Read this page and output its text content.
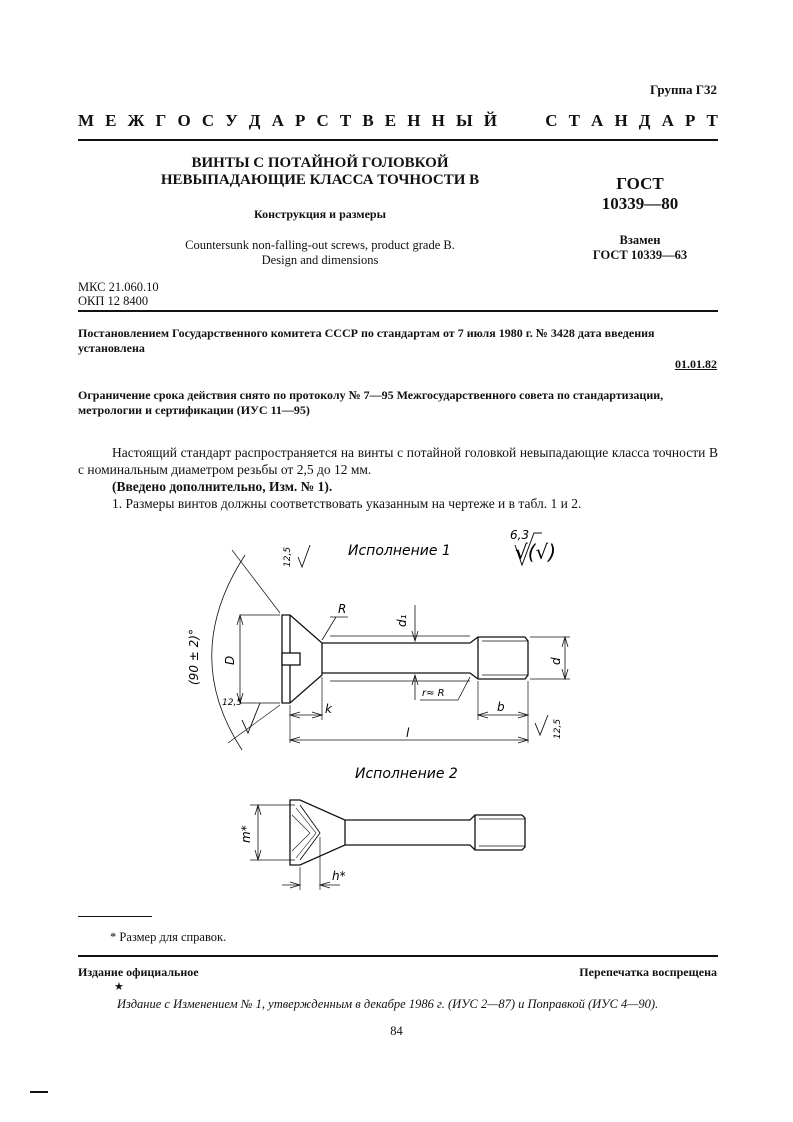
Группа Г32
М Е Ж Г О С У Д А Р С Т В Е Н Н Ы Й	С Т А Н Д А Р Т
ВИНТЫ С ПОТАЙНОЙ ГОЛОВКОЙ
НЕВЫПАДАЮЩИЕ КЛАССА ТОЧНОСТИ В
Конструкция и размеры
Countersunk non-falling-out screws, product grade B.
Design and dimensions
ГОСТ
10339—80
Взамен
ГОСТ 10339—63
МКС 21.060.10
ОКП 12 8400
Постановлением Государственного комитета СССР по стандартам от 7 июля 1980 г. № 3428 дата введения установлена
01.01.82
Ограничение срока действия снято по протоколу № 7—95 Межгосударственного совета по стандартизации, метрологии и сертификации (ИУС 11—95)

Настоящий стандарт распространяется на винты с потайной головкой невыпадающие класса точности В с номинальным диаметром резьбы от 2,5 до 12 мм.

(Введено дополнительно, Изм. № 1).

1. Размеры винтов должны соответствовать указанным на чертеже и в табл. 1 и 2.

Исполнение 1
6,3
√(√)
12,5
12,5
12,5
(90 ± 2)°
R
d₁
D	d
r≈ R
k	b
l
Исполнение 2
m*
h*
* Размер для справок.
Издание официальное	Перепечатка воспрещена
★
Издание с Изменением № 1, утвержденным в декабре 1986 г. (ИУС 2—87) и Поправкой (ИУС 4—90).
84
